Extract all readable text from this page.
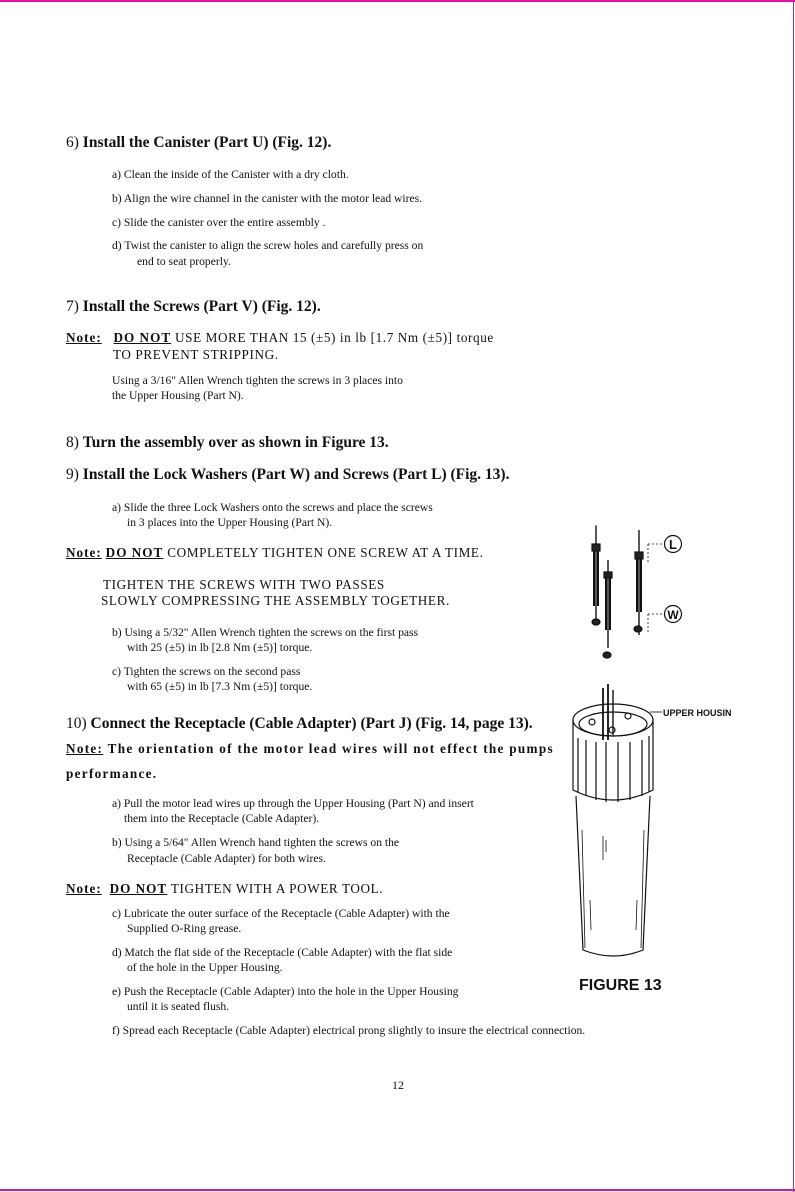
6) Install the Canister (Part U) (Fig. 12).

a) Clean the inside of the Canister with a dry cloth.

b) Align the wire channel in the canister with the motor lead wires.

c) Slide the canister over the entire assembly .

d) Twist the canister to align the screw holes and carefully press on

end to seat properly.

7) Install the Screws (Part V) (Fig. 12).

Note: DO NOT USE MORE THAN 15 (±5) in lb [1.7 Nm (±5)] torque

TO PREVENT STRIPPING.

Using a 3/16" Allen Wrench tighten the screws in 3 places into

the Upper Housing (Part N).

8) Turn the assembly over as shown in Figure 13.

9) Install the Lock Washers (Part W) and Screws (Part L) (Fig. 13).

a) Slide the three Lock Washers onto the screws and place the screws

in 3 places into the Upper Housing (Part N).

Note: DO NOT COMPLETELY TIGHTEN ONE SCREW AT A TIME.

TIGHTEN THE SCREWS WITH TWO PASSES

SLOWLY COMPRESSING THE ASSEMBLY TOGETHER.

b) Using a 5/32" Allen Wrench tighten the screws on the first pass

with 25 (±5) in lb [2.8 Nm (±5)] torque.

c) Tighten the screws on the second pass

with 65 (±5) in lb [7.3 Nm (±5)] torque.

10) Connect the Receptacle (Cable Adapter) (Part J) (Fig. 14, page 13).

Note: The orientation of the motor lead wires will not effect the pumps

performance.

a) Pull the motor lead wires up through the Upper Housing (Part N) and insert

them into the Receptacle (Cable Adapter).

b) Using a 5/64" Allen Wrench hand tighten the screws on the

Receptacle (Cable Adapter) for both wires.

Note: DO NOT TIGHTEN WITH A POWER TOOL.

c) Lubricate the outer surface of the Receptacle (Cable Adapter) with the

Supplied O-Ring grease.

d) Match the flat side of the Receptacle (Cable Adapter) with the flat side

of the hole in the Upper Housing.

e) Push the Receptacle (Cable Adapter) into the hole in the Upper Housing

until it is seated flush.

f) Spread each Receptacle (Cable Adapter) electrical prong slightly to insure the electrical connection.

12

L
W
UPPER HOUSIN
FIGURE 13
